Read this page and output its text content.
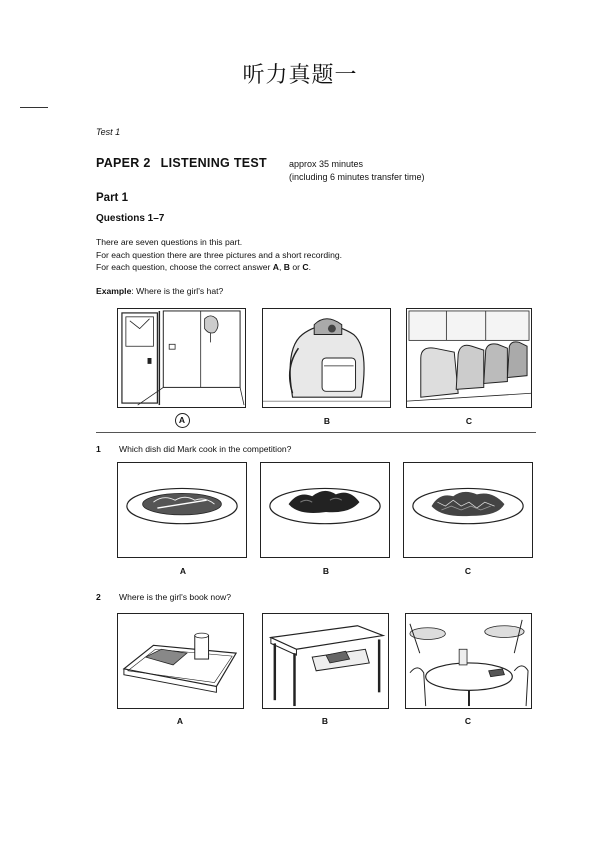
听力真题一
Test 1
PAPER 2 LISTENING TEST approx 35 minutes
(including 6 minutes transfer time)
Part 1
Questions 1–7
There are seven questions in this part.
For each question there are three pictures and a short recording.
For each question, choose the correct answer A, B or C.
Example: Where is the girl's hat?
A	B	C
1 Which dish did Mark cook in the competition?
A	B	C
2 Where is the girl's book now?
A	B	C
